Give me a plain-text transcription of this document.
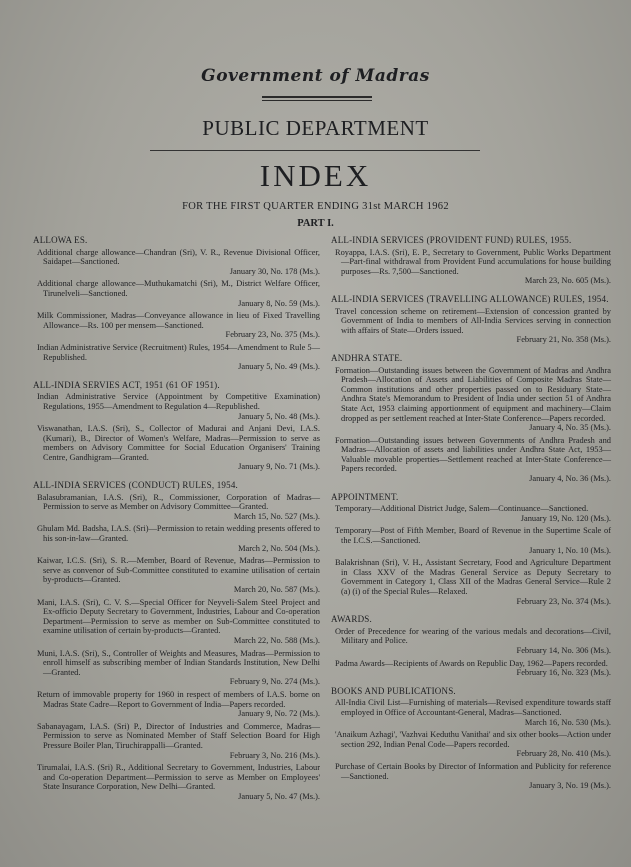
Government of Madras
PUBLIC DEPARTMENT
INDEX
FOR THE FIRST QUARTER ENDING 31st MARCH 1962
PART I.
ALLOWA ES.
Additional charge allowance—Chandran (Sri), V. R., Revenue Divisional Officer, Saidapet—Sanctioned.
January 30, No. 178 (Ms.).
Additional charge allowance—Muthukamatchi (Sri), M., District Welfare Officer, Tirunelveli—Sanctioned.
January 8, No. 59 (Ms.).
Milk Commissioner, Madras—Conveyance allowance in lieu of Fixed Travelling Allowance—Rs. 100 per mensem—Sanctioned.
February 23, No. 375 (Ms.).
Indian Administrative Service (Recruitment) Rules, 1954—Amendment to Rule 5—Republished.
January 5, No. 49 (Ms.).
ALL-INDIA SERVIES ACT, 1951 (61 OF 1951).
Indian Administrative Service (Appointment by Competitive Examination) Regulations, 1955—Amendment to Regulation 4—Republished.
January 5, No. 48 (Ms.).
Viswanathan, I.A.S. (Sri), S., Collector of Madurai and Anjani Devi, I.A.S. (Kumari), B., Director of Women's Welfare, Madras—Permission to serve as members on Advisory Committee for Social Education Organisers' Training Centre, Gandhigram—Granted.
January 9, No. 71 (Ms.).
ALL-INDIA SERVICES (CONDUCT) RULES, 1954.
Balasubramanian, I.A.S. (Sri), R., Commissioner, Corporation of Madras—Permission to serve as Member on Advisory Committee—Granted.
March 15, No. 527 (Ms.).
Ghulam Md. Badsha, I.A.S. (Sri)—Permission to retain wedding presents offered to his son-in-law—Granted.
March 2, No. 504 (Ms.).
Kaiwar, I.C.S. (Sri), S. R.—Member, Board of Revenue, Madras—Permission to serve as convenor of Sub-Committee constituted to examine utilisation of certain by-products—Granted.
March 20, No. 587 (Ms.).
Mani, I.A.S. (Sri), C. V. S.—Special Officer for Neyveli-Salem Steel Project and Ex-officio Deputy Secretary to Government, Industries, Labour and Co-operation Department—Permission to serve as member on Sub-Committee constituted to examine utilisation of certain by-products—Granted.
March 22, No. 588 (Ms.).
Muni, I.A.S. (Sri), S., Controller of Weights and Measures, Madras—Permission to enroll himself as subscribing member of Indian Standards Institution, New Delhi—Granted.
February 9, No. 274 (Ms.).
Return of immovable property for 1960 in respect of members of I.A.S. borne on Madras State Cadre—Report to Government of India—Papers recorded.
January 9, No. 72 (Ms.).
Sabanayagam, I.A.S. (Sri) P., Director of Industries and Commerce, Madras—Permission to serve as Nominated Member of Staff Selection Board for High Pressure Boiler Plan, Tiruchirappalli—Granted.
February 3, No. 216 (Ms.).
Tirumalai, I.A.S. (Sri) R., Additional Secretary to Government, Industries, Labour and Co-operation Department—Permission to serve as Member on Employees' State Insurance Corporation, New Delhi—Granted.
January 5, No. 47 (Ms.).
ALL-INDIA SERVICES (PROVIDENT FUND) RULES, 1955.
Royappa, I.A.S. (Sri), E. P., Secretary to Government, Public Works Department—Part-final withdrawal from Provident Fund accumulations for house building purposes—Rs. 7,500—Sanctioned.
March 23, No. 605 (Ms.).
ALL-INDIA SERVICES (TRAVELLING ALLOWANCE) RULES, 1954.
Travel concession scheme on retirement—Extension of concession granted by Government of India to members of All-India Services serving in connection with affairs of State—Orders issued.
February 21, No. 358 (Ms.).
ANDHRA STATE.
Formation—Outstanding issues between the Government of Madras and Andhra Pradesh—Allocation of Assets and Liabilities of Composite Madras State—Common institutions and other properties passed on to Residuary State—Andhra State's Memorandum to President of India under section 51 of Andhra State Act, 1953 claiming apportionment of equipment and machinery—Claim dropped as per settlement reached at Inter-State Conference—Papers recorded.
January 4, No. 35 (Ms.).
Formation—Outstanding issues between Governments of Andhra Pradesh and Madras—Allocation of assets and liabilities under Andhra State Act, 1953—Valuable movable properties—Settlement reached at Inter-State Conference—Papers recorded.
January 4, No. 36 (Ms.).
APPOINTMENT.
Temporary—Additional District Judge, Salem—Continuance—Sanctioned.
January 19, No. 120 (Ms.).
Temporary—Post of Fifth Member, Board of Revenue in the Supertime Scale of the I.C.S.—Sanctioned.
January 1, No. 10 (Ms.).
Balakrishnan (Sri), V. H., Assistant Secretary, Food and Agriculture Department in Class XXV of the Madras General Service as Deputy Secretary to Government in Category 1, Class XII of the Madras General Service—Rule 2 (a) (i) of the Special Rules—Relaxed.
February 23, No. 374 (Ms.).
AWARDS.
Order of Precedence for wearing of the various medals and decorations—Civil, Military and Police.
February 14, No. 306 (Ms.).
Padma Awards—Recipients of Awards on Republic Day, 1962—Papers recorded.
February 16, No. 323 (Ms.).
BOOKS AND PUBLICATIONS.
All-India Civil List—Furnishing of materials—Revised expenditure towards staff employed in Office of Accountant-General, Madras—Sanctioned.
March 16, No. 530 (Ms.).
'Anaikum Azhagi', 'Vazhvai Keduthu Vanithai' and six other books—Action under section 292, Indian Penal Code—Papers recorded.
February 28, No. 410 (Ms.).
Purchase of Certain Books by Director of Information and Publicity for reference—Sanctioned.
January 3, No. 19 (Ms.).
